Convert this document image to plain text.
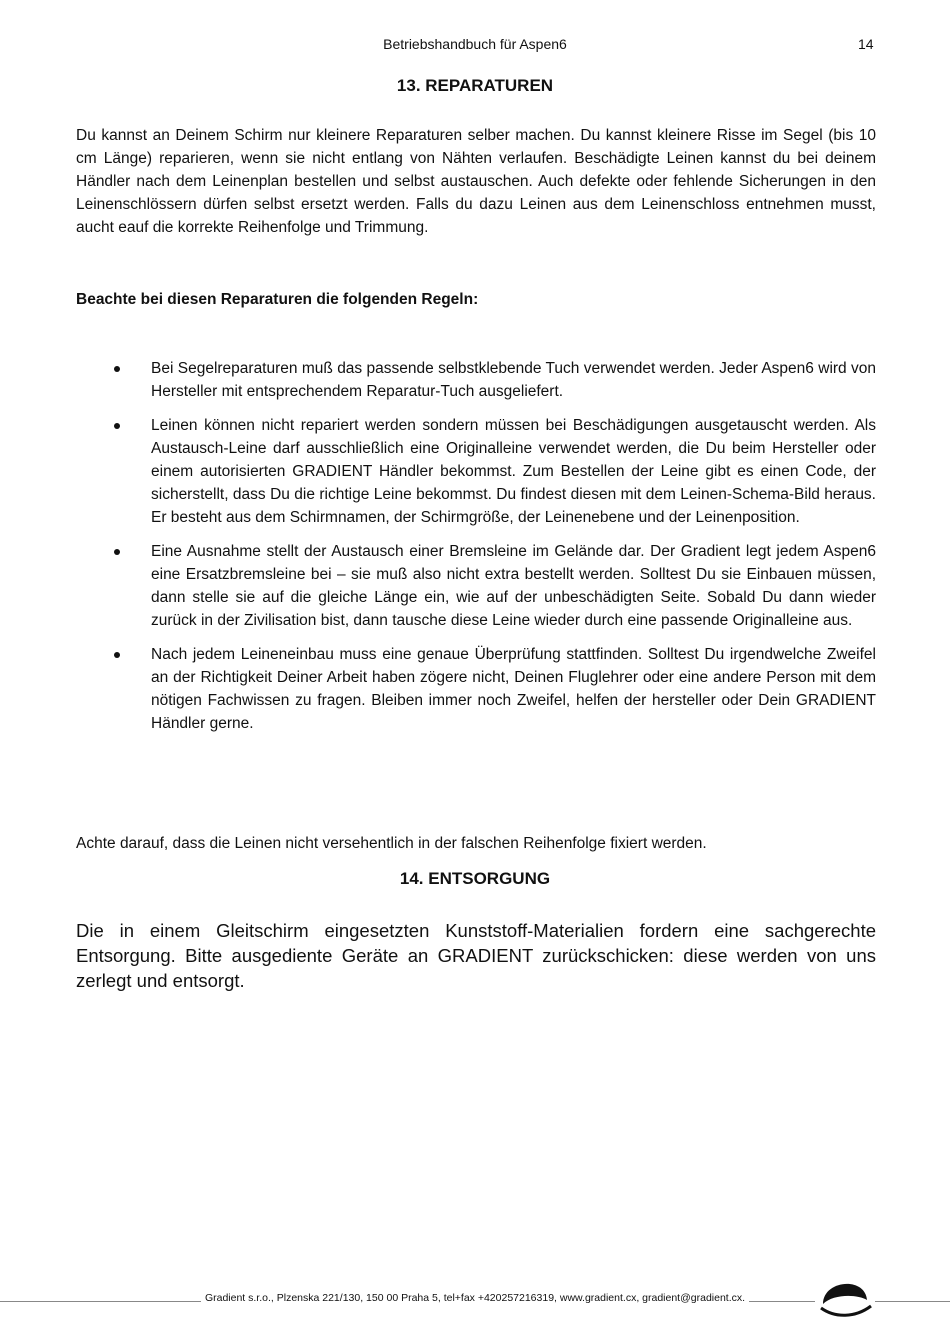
Betriebshandbuch für Aspen6	14
13. REPARATUREN

Du kannst an Deinem Schirm nur kleinere Reparaturen selber machen. Du kannst kleinere Risse im Segel (bis 10 cm Länge) reparieren, wenn sie nicht entlang von Nähten verlaufen. Beschädigte Leinen kannst du bei deinem Händler nach dem Leinenplan bestellen und selbst austauschen. Auch defekte oder fehlende Sicherungen in den Leinenschlössern dürfen selbst ersetzt werden. Falls du dazu Leinen aus dem Leinenschloss entnehmen musst, aucht eauf die korrekte Reihenfolge und Trimmung.

Beachte bei diesen Reparaturen die folgenden Regeln:

Bei Segelreparaturen muß das passende selbstklebende Tuch verwendet werden. Jeder Aspen6 wird von Hersteller mit entsprechendem Reparatur-Tuch ausgeliefert.
Leinen können nicht repariert werden sondern müssen bei Beschädigungen ausgetauscht werden. Als Austausch-Leine darf ausschließlich eine Originalleine verwendet werden, die Du beim Hersteller oder einem autorisierten GRADIENT Händler bekommst. Zum Bestellen der Leine gibt es einen Code, der sicherstellt, dass Du die richtige Leine bekommst. Du findest diesen mit dem Leinen-Schema-Bild heraus. Er besteht aus dem Schirmnamen, der Schirmgröße, der Leinenebene und der Leinenposition.
Eine Ausnahme stellt der Austausch einer Bremsleine im Gelände dar. Der Gradient legt jedem Aspen6 eine Ersatzbremsleine bei – sie muß also nicht extra bestellt werden. Solltest Du sie Einbauen müssen, dann stelle sie auf die gleiche Länge ein, wie auf der unbeschädigten Seite. Sobald Du dann wieder zurück in der Zivilisation bist, dann tausche diese Leine wieder durch eine passende Originalleine aus.
Nach jedem Leineneinbau muss eine genaue Überprüfung stattfinden. Solltest Du irgendwelche Zweifel an der Richtigkeit Deiner Arbeit haben zögere nicht, Deinen Fluglehrer oder eine andere Person mit dem nötigen Fachwissen zu fragen. Bleiben immer noch Zweifel, helfen der hersteller oder Dein GRADIENT Händler gerne.

Achte darauf, dass die Leinen nicht versehentlich in der falschen Reihenfolge fixiert werden.

14. ENTSORGUNG

Die in einem Gleitschirm eingesetzten Kunststoff-Materialien fordern eine sachgerechte Entsorgung. Bitte ausgediente Geräte an GRADIENT zurückschicken: diese werden von uns zerlegt und entsorgt.

Gradient s.r.o., Plzenska 221/130, 150 00 Praha 5, tel+fax +420257216319, www.gradient.cx, gradient@gradient.cx.
